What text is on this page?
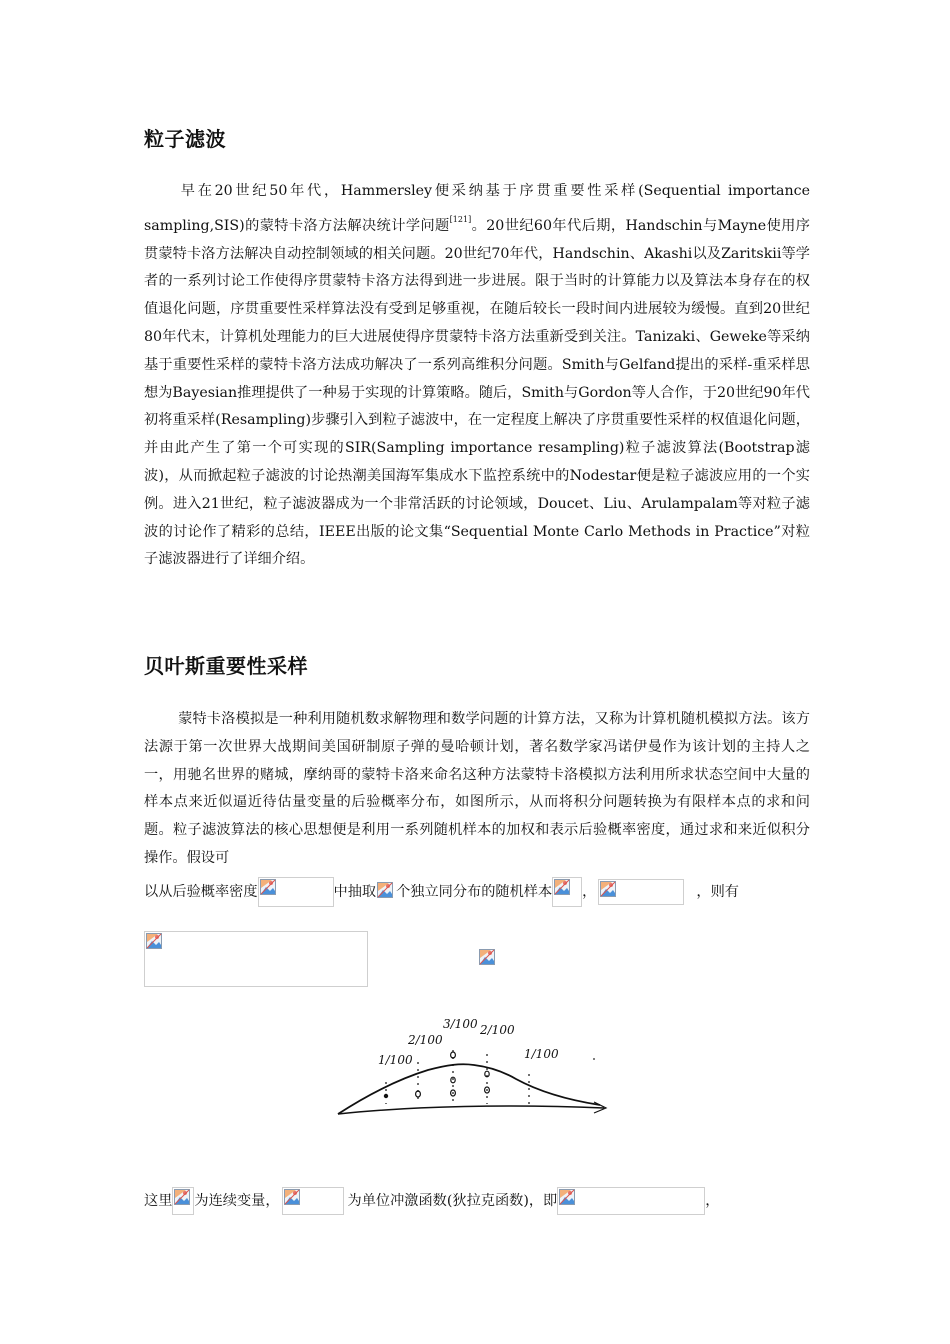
粒子滤波
早在20世纪50年代，Hammersley便采纳基于序贯重要性采样(Sequential importance sampling,SIS)的蒙特卡洛方法解决统计学问题[121]。20世纪60年代后期，Handschin与Mayne使用序贯蒙特卡洛方法解决自动控制领域的相关问题。20世纪70年代，Handschin、Akashi以及Zaritskii等学者的一系列讨论工作使得序贯蒙特卡洛方法得到进一步进展。限于当时的计算能力以及算法本身存在的权值退化问题，序贯重要性采样算法没有受到足够重视，在随后较长一段时间内进展较为缓慢。直到20世纪80年代末，计算机处理能力的巨大进展使得序贯蒙特卡洛方法重新受到关注。Tanizaki、Geweke等采纳基于重要性采样的蒙特卡洛方法成功解决了一系列高维积分问题。Smith与Gelfand提出的采样-重采样思想为Bayesian推理提供了一种易于实现的计算策略。随后，Smith与Gordon等人合作，于20世纪90年代初将重采样(Resampling)步骤引入到粒子滤波中，在一定程度上解决了序贯重要性采样的权值退化问题，并由此产生了第一个可实现的SIR(Sampling importance resampling)粒子滤波算法(Bootstrap滤波)，从而掀起粒子滤波的讨论热潮美国海军集成水下监控系统中的Nodestar便是粒子滤波应用的一个实例。进入21世纪，粒子滤波器成为一个非常活跃的讨论领域，Doucet、Liu、Arulampalam等对粒子滤波的讨论作了精彩的总结，IEEE出版的论文集“Sequential Monte Carlo Methods in Practice”对粒子滤波器进行了详细介绍。
贝叶斯重要性采样
蒙特卡洛模拟是一种利用随机数求解物理和数学问题的计算方法，又称为计算机随机模拟方法。该方法源于第一次世界大战期间美国研制原子弹的曼哈顿计划，著名数学家冯诺伊曼作为该计划的主持人之一，用驰名世界的赌城，摩纳哥的蒙特卡洛来命名这种方法蒙特卡洛模拟方法利用所求状态空间中大量的样本点来近似逼近待估量变量的后验概率分布，如图所示，从而将积分问题转换为有限样本点的求和问题。粒子滤波算法的核心思想便是利用一系列随机样本的加权和表示后验概率密度，通过求和来近似积分操作。假设可
以从后验概率密度	中抽取 个独立同分布的随机样本 ，	，则有
1/100
2/100
3/100 2/100
1/100
这里 为连续变量，	为单位冲激函数(狄拉克函数)，即	，
